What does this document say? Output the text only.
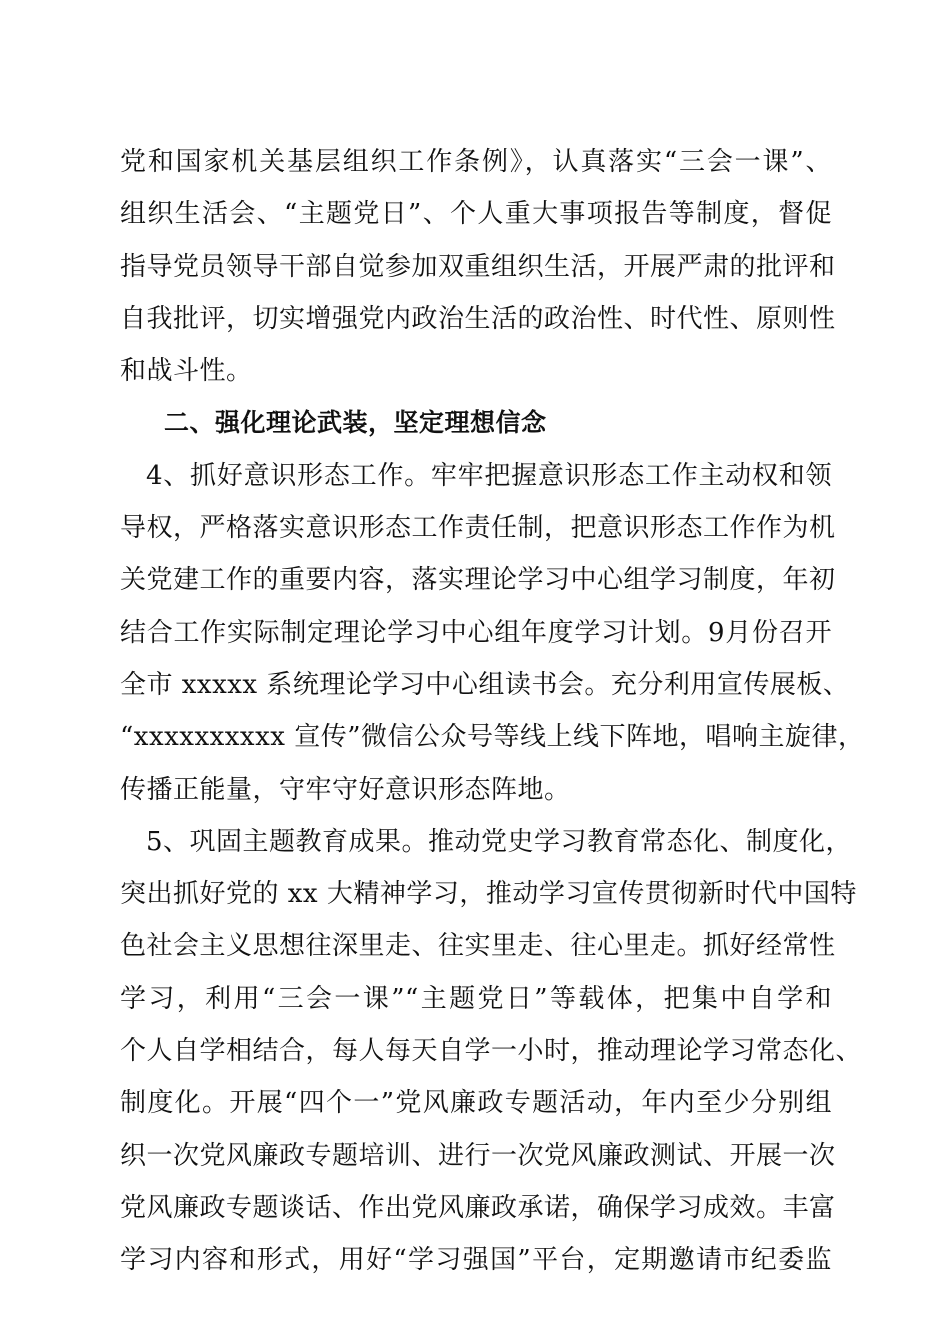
党和国家机关基层组织工作条例》，认真落实“三会一课”、
组织生活会、“主题党日”、个人重大事项报告等制度，督促
指导党员领导干部自觉参加双重组织生活，开展严肃的批评和
自我批评，切实增强党内政治生活的政治性、时代性、原则性
和战斗性。
二、强化理论武装，坚定理想信念
4、抓好意识形态工作。牢牢把握意识形态工作主动权和领
导权，严格落实意识形态工作责任制，把意识形态工作作为机
关党建工作的重要内容，落实理论学习中心组学习制度，年初
结合工作实际制定理论学习中心组年度学习计划。9月份召开
全市 xxxxx 系统理论学习中心组读书会。充分利用宣传展板、
“xxxxxxxxxx 宣传”微信公众号等线上线下阵地，唱响主旋律，
传播正能量，守牢守好意识形态阵地。
5、巩固主题教育成果。推动党史学习教育常态化、制度化，
突出抓好党的 xx 大精神学习，推动学习宣传贯彻新时代中国特
色社会主义思想往深里走、往实里走、往心里走。抓好经常性
学习，利用“三会一课”“主题党日”等载体，把集中自学和
个人自学相结合，每人每天自学一小时，推动理论学习常态化、
制度化。开展“四个一”党风廉政专题活动，年内至少分别组
织一次党风廉政专题培训、进行一次党风廉政测试、开展一次
党风廉政专题谈话、作出党风廉政承诺，确保学习成效。丰富
学习内容和形式，用好“学习强国”平台，定期邀请市纪委监
